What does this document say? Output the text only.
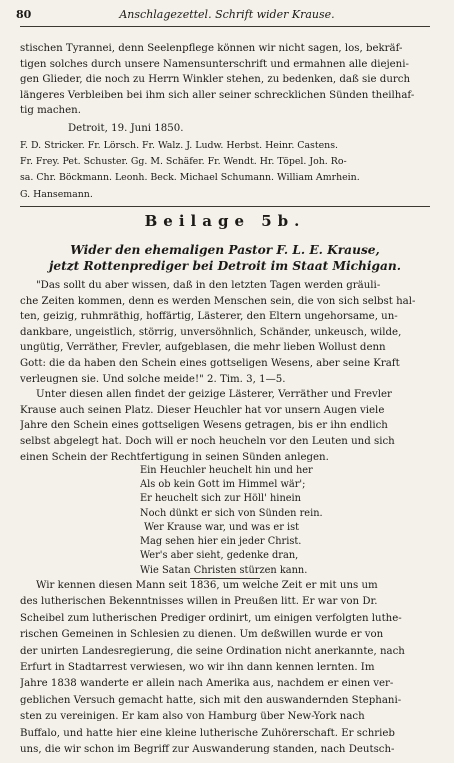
80	Anschlagezettel. Schrift wider Krause.
stischen Tyrannei, denn Seelenpflege können wir nicht sagen, los, bekräf-
tigen solches durch unsere Namensunterschrift und ermahnen alle diejeni-
gen Glieder, die noch zu Herrn Winkler stehen, zu bedenken, daß sie durch
längeres Verbleiben bei ihm sich aller seiner schrecklichen Sünden theilhaf-
tig machen.
Detroit, 19. Juni 1850.
F. D. Stricker. Fr. Lörsch. Fr. Walz. J. Ludw. Herbst. Heinr. Castens.
Fr. Frey. Pet. Schuster. Gg. M. Schäfer. Fr. Wendt. Hr. Töpel. Joh. Ro-
sa. Chr. Böckmann. Leonh. Beck. Michael Schumann. William Amrhein.
G. Hansemann.
Beilage 5b.
Wider den ehemaligen Pastor F. L. E. Krause,
jetzt Rottenprediger bei Detroit im Staat Michigan.
"Das sollt du aber wissen, daß in den letzten Tagen werden gräuli-
che Zeiten kommen, denn es werden Menschen sein, die von sich selbst hal-
ten, geizig, ruhmräthig, hoffärtig, Lästerer, den Eltern ungehorsame, un-
dankbare, ungeistlich, störrig, unversöhnlich, Schänder, unkeusch, wilde,
ungütig, Verräther, Frevler, aufgeblasen, die mehr lieben Wollust denn
Gott: die da haben den Schein eines gottseligen Wesens, aber seine Kraft
verleugnen sie. Und solche meide!" 2. Tim. 3, 1—5.
Unter diesen allen findet der geizige Lästerer, Verräther und Frevler
Krause auch seinen Platz. Dieser Heuchler hat vor unsern Augen viele
Jahre den Schein eines gottseligen Wesens getragen, bis er ihn endlich
selbst abgelegt hat. Doch will er noch heucheln vor den Leuten und sich
einen Schein der Rechtfertigung in seinen Sünden anlegen.
Ein Heuchler heuchelt hin und her
Als ob kein Gott im Himmel wär';
Er heuchelt sich zur Höll' hinein
Noch dünkt er sich von Sünden rein.
Wer Krause war, und was er ist
Mag sehen hier ein jeder Christ.
Wer's aber sieht, gedenke dran,
Wie Satan Christen stürzen kann.
Wir kennen diesen Mann seit 1836, um welche Zeit er mit uns um
des lutherischen Bekenntnisses willen in Preußen litt. Er war von Dr.
Scheibel zum lutherischen Prediger ordinirt, um einigen verfolgten luthe-
rischen Gemeinen in Schlesien zu dienen. Um deßwillen wurde er von
der unirten Landesregierung, die seine Ordination nicht anerkannte, nach
Erfurt in Stadtarrest verwiesen, wo wir ihn dann kennen lernten. Im
Jahre 1838 wanderte er allein nach Amerika aus, nachdem er einen ver-
geblichen Versuch gemacht hatte, sich mit den auswandernden Stephani-
sten zu vereinigen. Er kam also von Hamburg über New-York nach
Buffalo, und hatte hier eine kleine lutherische Zuhörerschaft. Er schrieb
uns, die wir schon im Begriff zur Auswanderung standen, nach Deutsch-
